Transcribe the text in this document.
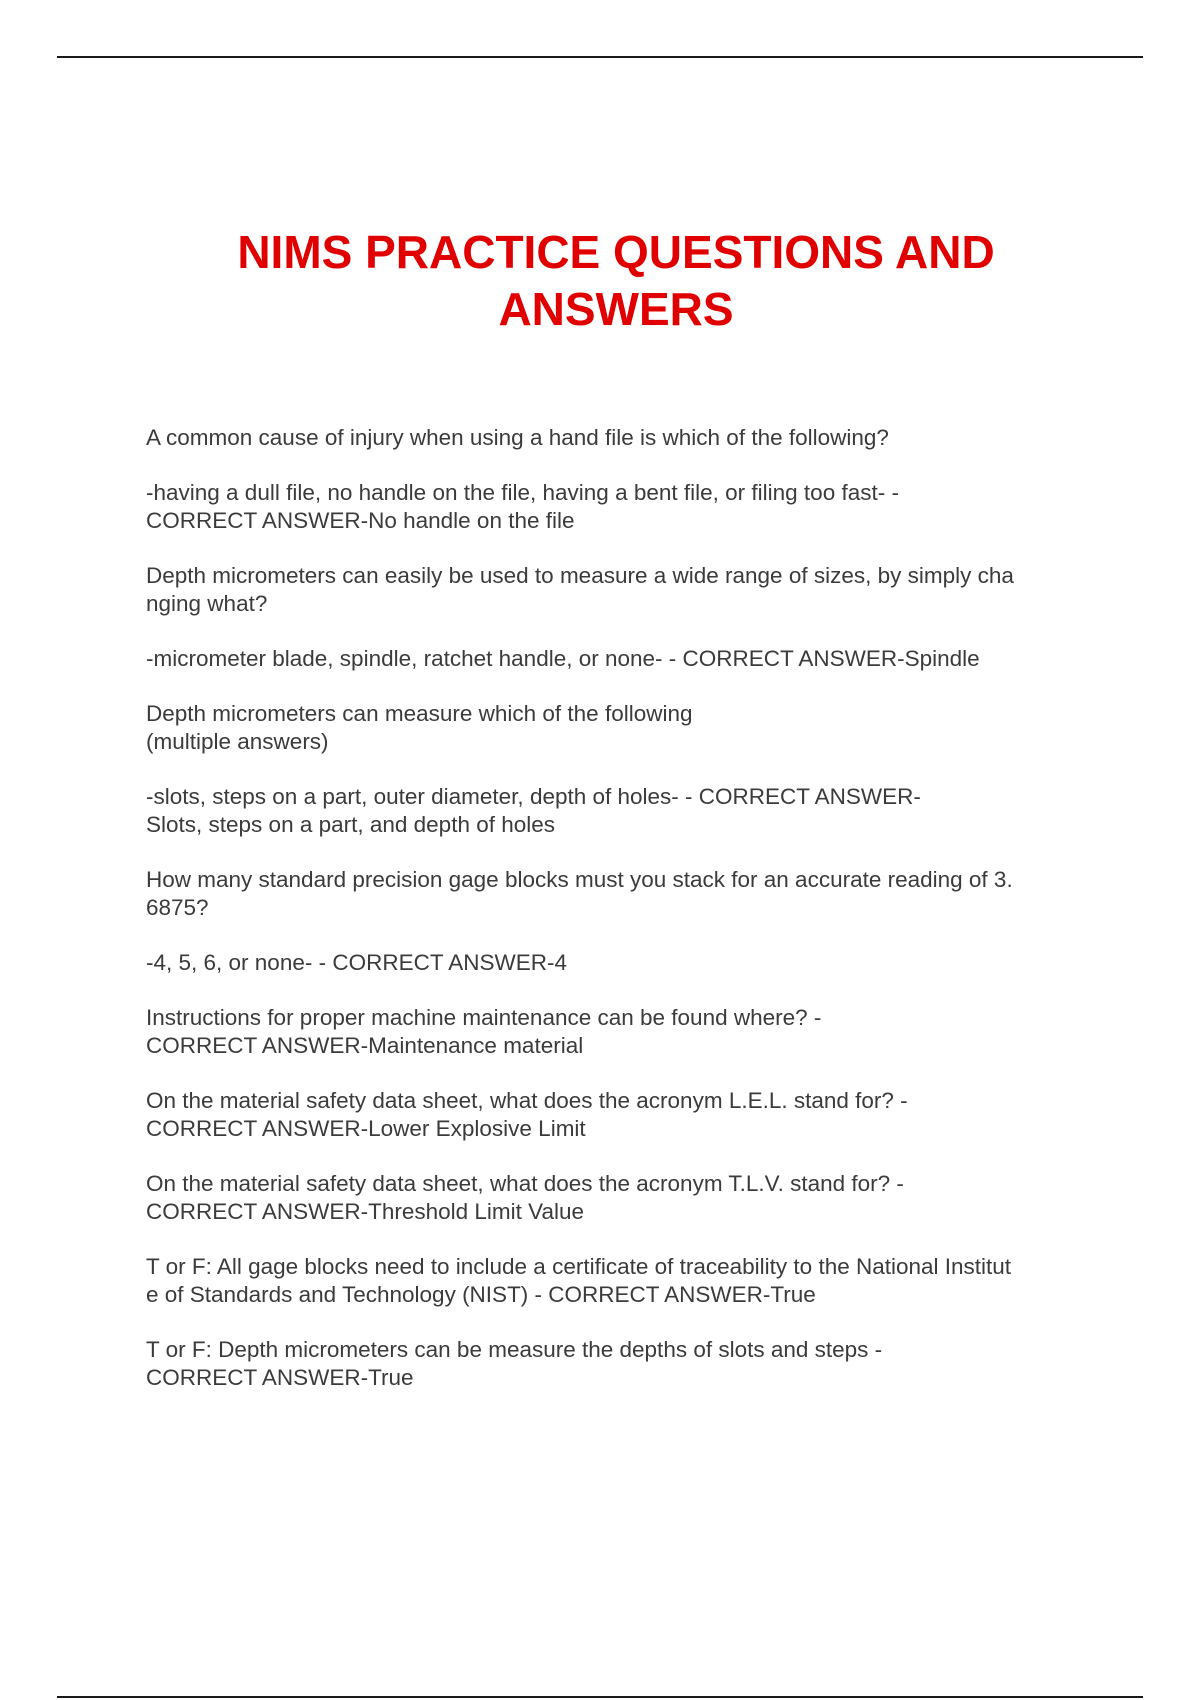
NIMS PRACTICE QUESTIONS AND
ANSWERS

A common cause of injury when using a hand file is which of the following?

-having a dull file, no handle on the file, having a bent file, or filing too fast- -
CORRECT ANSWER-No handle on the file

Depth micrometers can easily be used to measure a wide range of sizes, by simply cha
nging what?

-micrometer blade, spindle, ratchet handle, or none- - CORRECT ANSWER-Spindle

Depth micrometers can measure which of the following
(multiple answers)

-slots, steps on a part, outer diameter, depth of holes- - CORRECT ANSWER-
Slots, steps on a part, and depth of holes

How many standard precision gage blocks must you stack for an accurate reading of 3.
6875?

-4, 5, 6, or none- - CORRECT ANSWER-4

Instructions for proper machine maintenance can be found where? -
CORRECT ANSWER-Maintenance material

On the material safety data sheet, what does the acronym L.E.L. stand for? -
CORRECT ANSWER-Lower Explosive Limit

On the material safety data sheet, what does the acronym T.L.V. stand for? -
CORRECT ANSWER-Threshold Limit Value

T or F: All gage blocks need to include a certificate of traceability to the National Institut
e of Standards and Technology (NIST) - CORRECT ANSWER-True

T or F: Depth micrometers can be measure the depths of slots and steps -
CORRECT ANSWER-True
